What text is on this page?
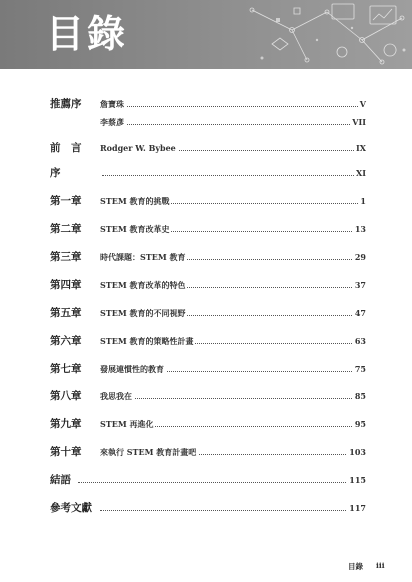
目錄
推薦序 詹寶珠	V
李蔡彥	VII
前　言 Rodger W. Bybee	IX
序	XI
第一章 STEM 教育的挑戰	1
第二章 STEM 教育改革史	13
第三章 時代課題：STEM 教育	29
第四章 STEM 教育改革的特色	37
第五章 STEM 教育的不同視野	47
第六章 STEM 教育的策略性計畫	63
第七章 發展連慣性的教育	75
第八章 我思我在	85
第九章 STEM 再進化	95
第十章 來執行 STEM 教育計畫吧	103
結語	115
參考文獻	117
目錄 iii
